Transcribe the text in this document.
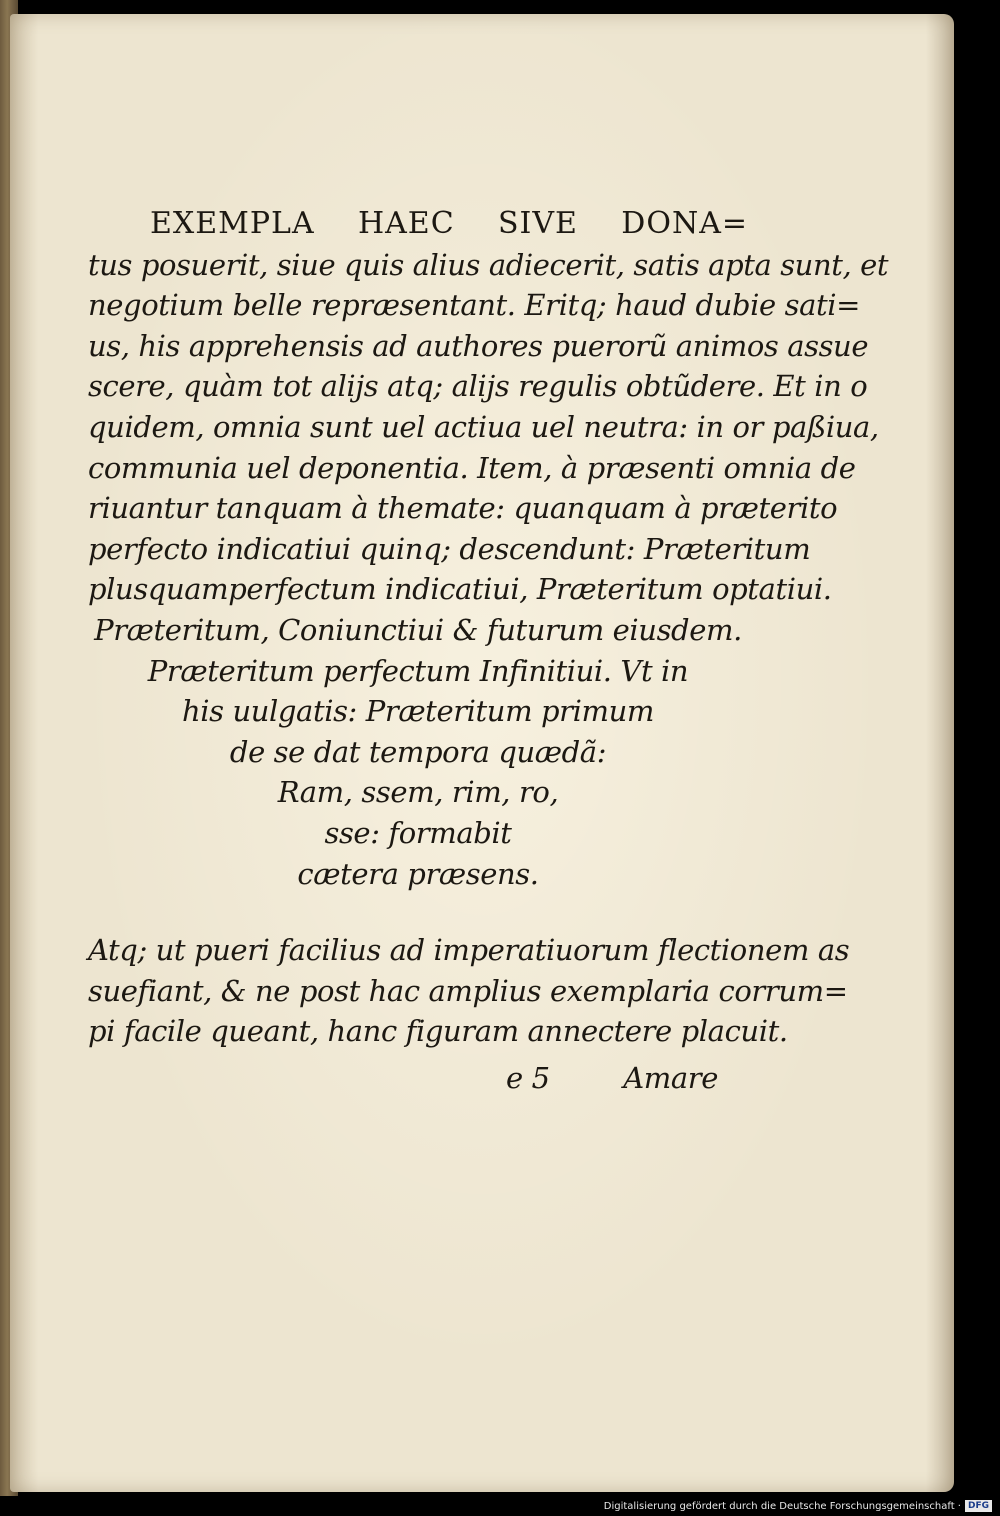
EXEMPLA HAEC SIVE DONA=
tus posuerit, siue quis alius adiecerit, satis apta sunt, et
negotium belle repræsentant. Eritq; haud dubie sati=
us, his apprehensis ad authores puerorũ animos assue
scere, quàm tot alijs atq; alijs regulis obtũdere. Et in o
quidem, omnia sunt uel actiua uel neutra: in or paßiua,
communia uel deponentia. Item, à præsenti omnia de
riuantur tanquam à themate: quanquam à præterito
perfecto indicatiui quinq; descendunt: Præteritum
plusquamperfectum indicatiui, Præteritum optatiui.
Præteritum, Coniunctiui & futurum eiusdem.
Præteritum perfectum Infinitiui. Vt in
his uulgatis: Præteritum primum
de se dat tempora quædã:
Ram, ssem, rim, ro,
sse: formabit
cætera præsens.
Atq; ut pueri facilius ad imperatiuorum flectionem as
suefiant, & ne post hac amplius exemplaria corrum=
pi facile queant, hanc figuram annectere placuit.
e 5	Amare
Digitalisierung gefördert durch die Deutsche Forschungsgemeinschaft · DFG
